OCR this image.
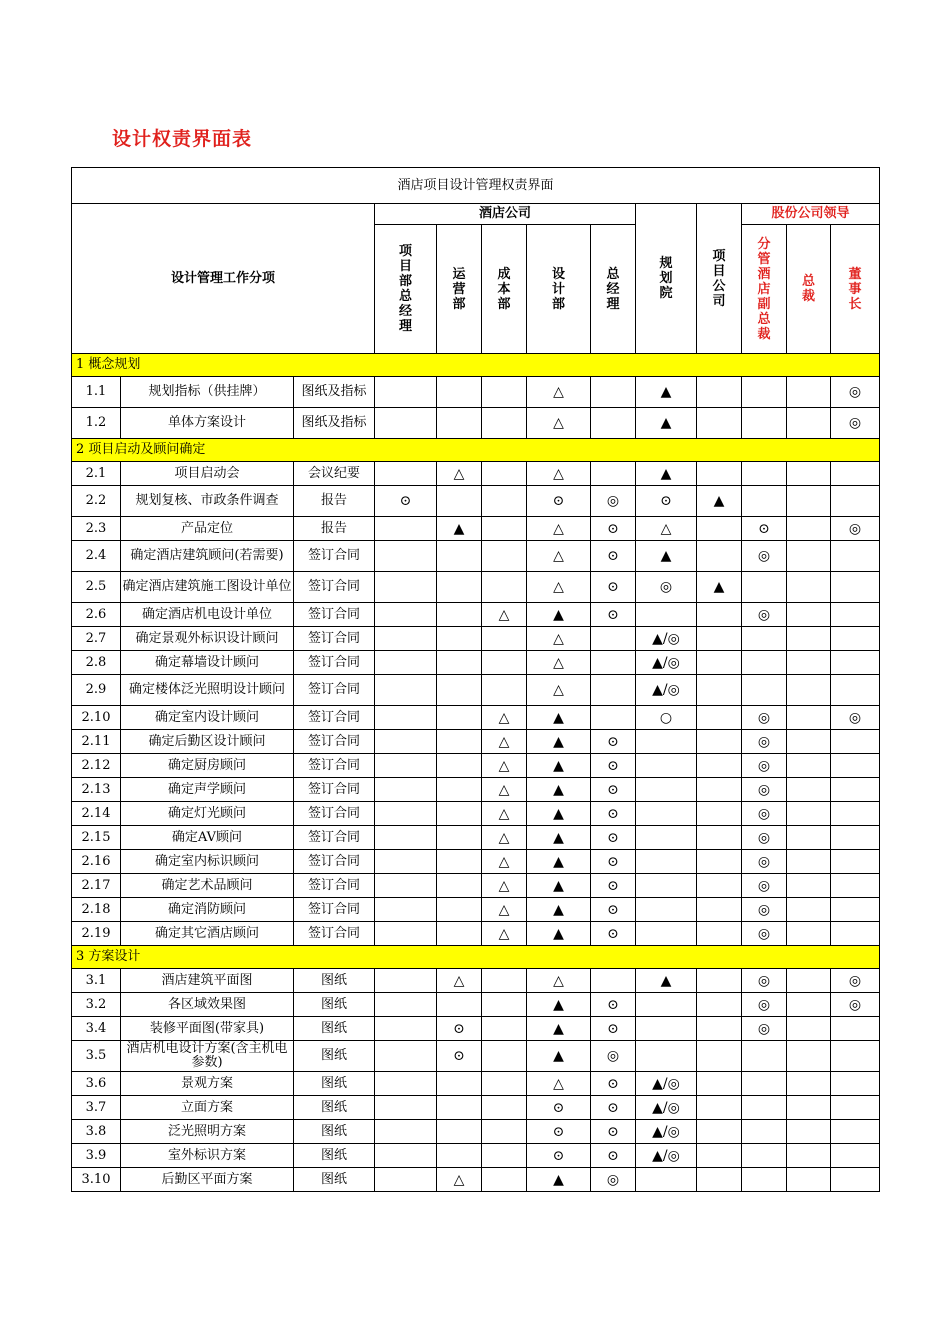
设计权责界面表
酒店项目设计管理权责界面												
设计管理工作分项			酒店公司					规划院	项目公司	股份公司领导		

			项目部总经理	运营部	成本部	设计部	总经理			分管酒店副总裁	总裁	董事长

1 概念规划												
1.1	规划指标（供挂牌）	图纸及指标				△		▲				◎
1.2	单体方案设计	图纸及指标				△		▲				◎
2 项目启动及顾问确定												
2.1	项目启动会	会议纪要		△		△		▲				
2.2	规划复核、市政条件调查	报告	⊙			⊙	◎	⊙	▲			
2.3	产品定位	报告		▲		△	⊙	△		⊙		◎
2.4	确定酒店建筑顾问(若需要)	签订合同				△	⊙	▲		◎		
2.5	确定酒店建筑施工图设计单位	签订合同				△	⊙	◎	▲			
2.6	确定酒店机电设计单位	签订合同			△	▲	⊙			◎		
2.7	确定景观外标识设计顾问	签订合同				△		▲/◎				
2.8	确定幕墙设计顾问	签订合同				△		▲/◎				
2.9	确定楼体泛光照明设计顾问	签订合同				△		▲/◎				
2.10	确定室内设计顾问	签订合同			△	▲		○		◎		◎
2.11	确定后勤区设计顾问	签订合同			△	▲	⊙			◎		
2.12	确定厨房顾问	签订合同			△	▲	⊙			◎		
2.13	确定声学顾问	签订合同			△	▲	⊙			◎		
2.14	确定灯光顾问	签订合同			△	▲	⊙			◎		
2.15	确定AV顾问	签订合同			△	▲	⊙			◎		
2.16	确定室内标识顾问	签订合同			△	▲	⊙			◎		
2.17	确定艺术品顾问	签订合同			△	▲	⊙			◎		
2.18	确定消防顾问	签订合同			△	▲	⊙			◎		
2.19	确定其它酒店顾问	签订合同			△	▲	⊙			◎		
3 方案设计												
3.1	酒店建筑平面图	图纸		△		△		▲		◎		◎
3.2	各区域效果图	图纸				▲	⊙			◎		◎
3.4	装修平面图(带家具)	图纸		⊙		▲	⊙			◎		
3.5	酒店机电设计方案(含主机电参数)	图纸		⊙		▲	◎					
3.6	景观方案	图纸				△	⊙	▲/◎				
3.7	立面方案	图纸				⊙	⊙	▲/◎				
3.8	泛光照明方案	图纸				⊙	⊙	▲/◎				
3.9	室外标识方案	图纸				⊙	⊙	▲/◎				
3.10	后勤区平面方案	图纸		△		▲	◎					
